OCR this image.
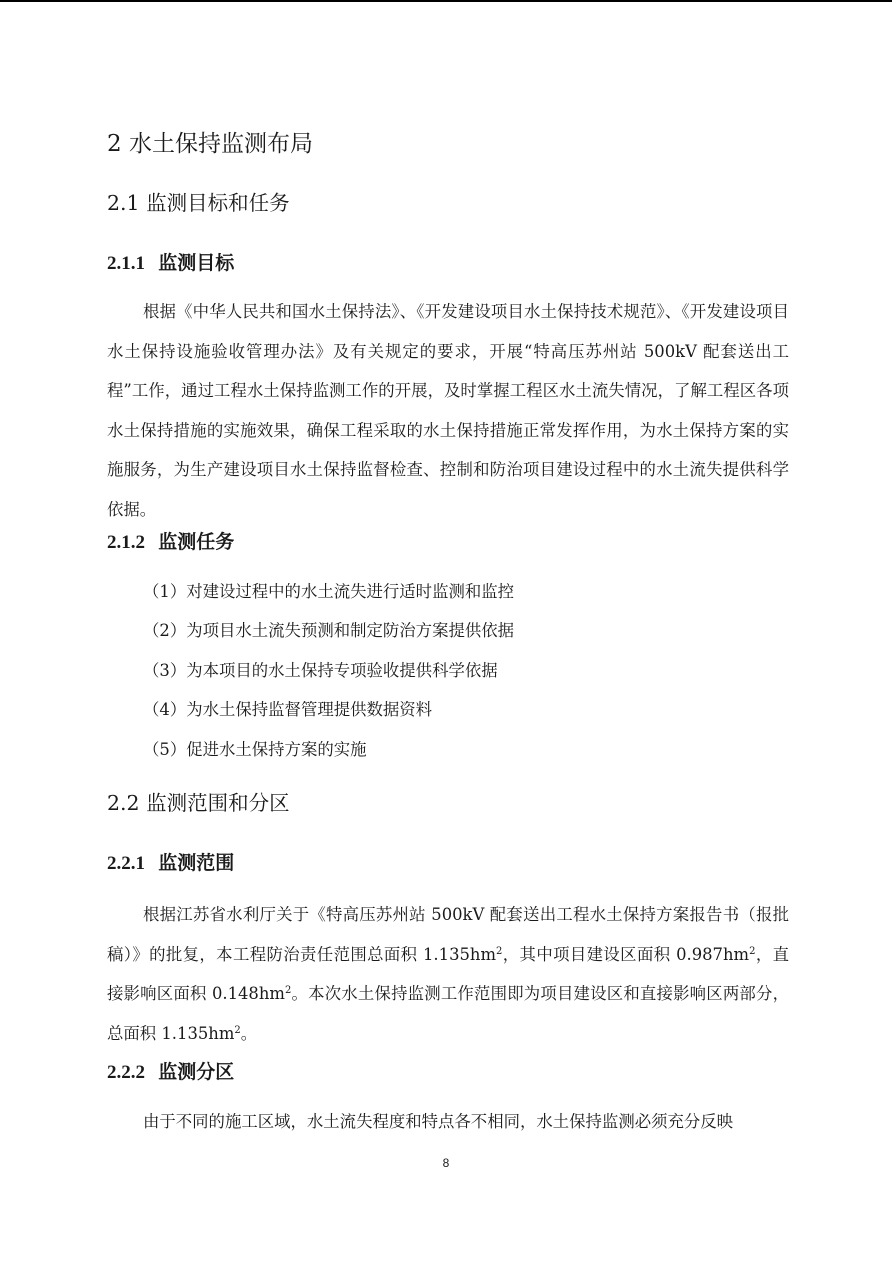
2 水土保持监测布局
2.1 监测目标和任务
2.1.1 监测目标

根据《中华人民共和国水土保持法》、《开发建设项目水土保持技术规范》、《开发建设项目水土保持设施验收管理办法》及有关规定的要求，开展“特高压苏州站 500kV 配套送出工程”工作，通过工程水土保持监测工作的开展，及时掌握工程区水土流失情况，了解工程区各项水土保持措施的实施效果，确保工程采取的水土保持措施正常发挥作用，为水土保持方案的实施服务，为生产建设项目水土保持监督检查、控制和防治项目建设过程中的水土流失提供科学依据。

2.1.2 监测任务
（1）对建设过程中的水土流失进行适时监测和监控
（2）为项目水土流失预测和制定防治方案提供依据
（3）为本项目的水土保持专项验收提供科学依据
（4）为水土保持监督管理提供数据资料
（5）促进水土保持方案的实施
2.2 监测范围和分区
2.2.1 监测范围

根据江苏省水利厅关于《特高压苏州站 500kV 配套送出工程水土保持方案报告书（报批稿）》的批复，本工程防治责任范围总面积 $1.135hm^2$，其中项目建设区面积 $0.987hm^2$，直接影响区面积 $0.148hm^2$。本次水土保持监测工作范围即为项目建设区和直接影响区两部分，总面积 $1.135hm^2$。

2.2.2 监测分区

由于不同的施工区域，水土流失程度和特点各不相同，水土保持监测必须充分反映

8
